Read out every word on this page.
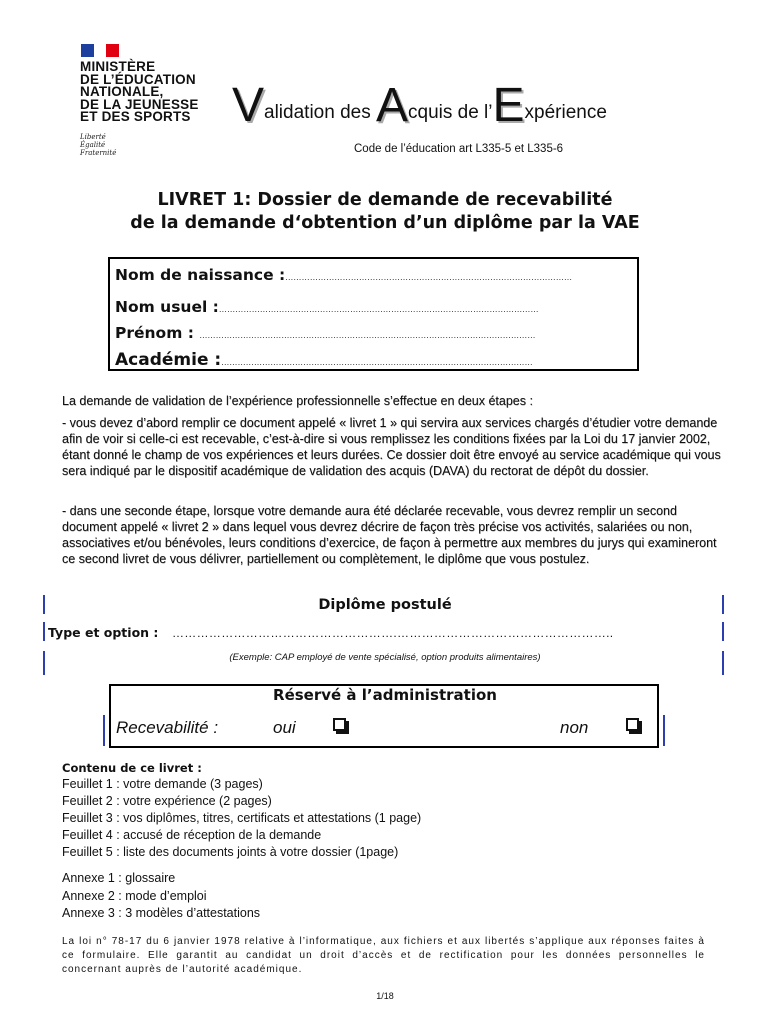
MINISTÈRE
DE L’ÉDUCATION
NATIONALE,
DE LA JEUNESSE
ET DES SPORTS
Liberté
Égalité
Fraternité
Validation des Acquis de l’Expérience
Code de l’éducation art L335-5 et L335-6
LIVRET 1: Dossier de demande de recevabilité
de la demande d‘obtention d’un diplôme par la VAE
Nom de naissance :……………………………………………………………………………………………
Nom usuel :………………………………………………………………………………………………………
Prénom : ……………………………………………………………………………………………………………
Académie :……………………………………………………………………………………………………
La demande de validation de l’expérience professionnelle s’effectue en deux étapes :
- vous devez d’abord remplir ce document appelé « livret 1 » qui servira aux services chargés d’étudier votre demande afin de voir si celle-ci est recevable, c’est-à-dire si vous remplissez les conditions fixées par la Loi du 17 janvier 2002, étant donné le champ de vos expériences et leurs durées. Ce dossier doit être envoyé au service académique qui vous sera indiqué par le dispositif académique de validation des acquis (DAVA) du rectorat de dépôt du dossier.
- dans une seconde étape, lorsque votre demande aura été déclarée recevable, vous devrez remplir un second document appelé « livret 2 » dans lequel vous devrez décrire de façon très précise vos activités, salariées ou non, associatives et/ou bénévoles, leurs conditions d’exercice, de façon à permettre aux membres du jurys qui examineront ce second livret de vous délivrer, partiellement ou complètement, le diplôme que vous postulez.
Diplôme postulé
Type et option : ……………………………………………….……………………………………………..
(Exemple: CAP employé de vente spécialisé, option produits alimentaires)
Réservé à l’administration
Recevabilité :	oui	non
Contenu de ce livret :
Feuillet 1 : votre demande (3 pages)
Feuillet 2 : votre expérience (2 pages)
Feuillet 3 : vos diplômes, titres, certificats et attestations (1 page)
Feuillet 4 : accusé de réception de la demande
Feuillet 5 : liste des documents joints à votre dossier (1page)
Annexe 1 : glossaire
Annexe 2 : mode d’emploi
Annexe 3 : 3 modèles d’attestations
La loi n° 78-17 du 6 janvier 1978 relative à l’informatique, aux fichiers et aux libertés s’applique aux réponses faites à ce formulaire. Elle garantit au candidat un droit d’accès et de rectification pour les données personnelles le concernant auprès de l’autorité académique.
1/18
